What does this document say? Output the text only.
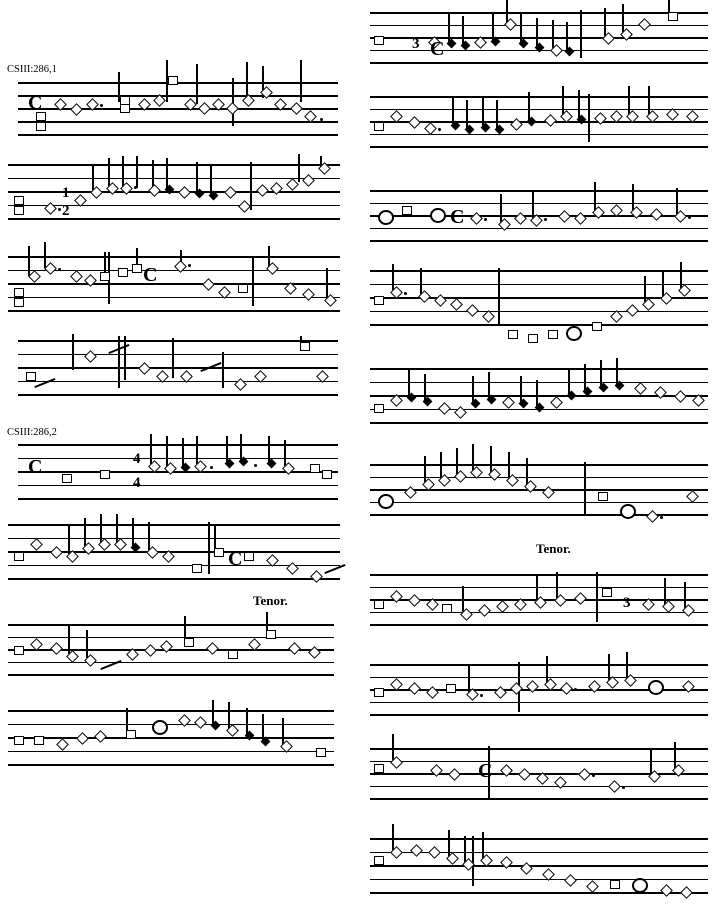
C
C
C
C
C
C
C
1
2
4
4
3
3
CSIII:286,1
CSIII:286,2
Tenor.
Tenor.
